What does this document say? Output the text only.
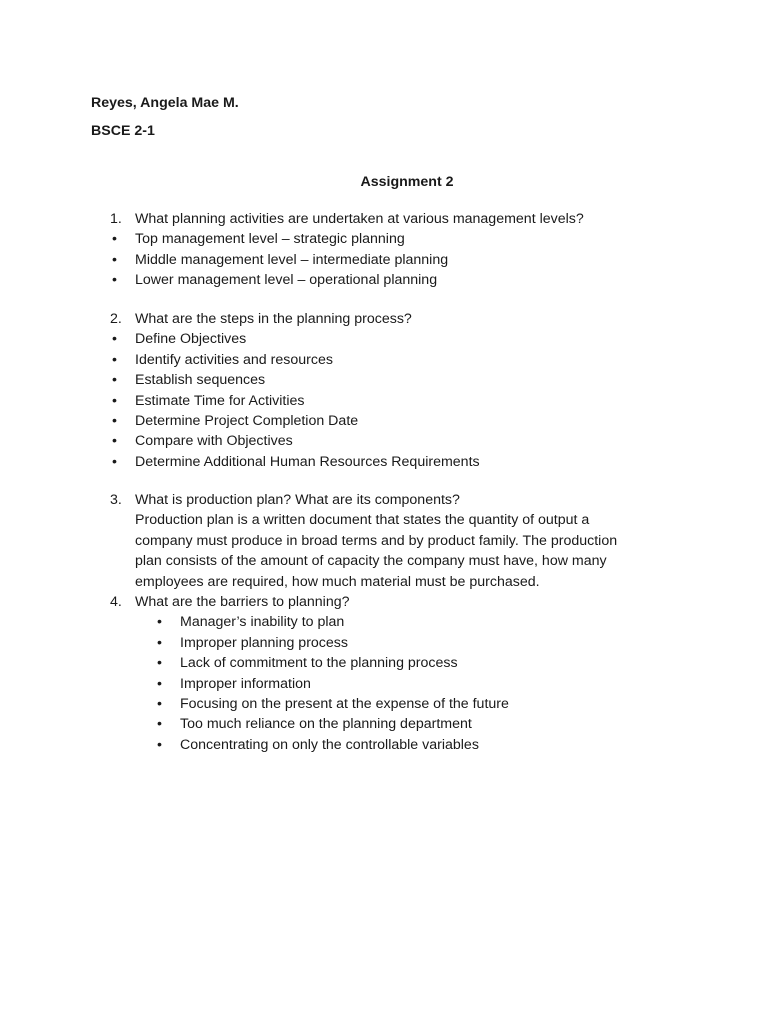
Reyes, Angela Mae M.
BSCE 2-1
Assignment 2
1. What planning activities are undertaken at various management levels?
• Top management level – strategic planning
• Middle management level – intermediate planning
• Lower management level – operational planning
2. What are the steps in the planning process?
• Define Objectives
• Identify activities and resources
• Establish sequences
• Estimate Time for Activities
• Determine Project Completion Date
• Compare with Objectives
• Determine Additional Human Resources Requirements
3. What is production plan? What are its components?
Production plan is a written document that states the quantity of output a
company must produce in broad terms and by product family. The production
plan consists of the amount of capacity the company must have, how many
employees are required, how much material must be purchased.
4. What are the barriers to planning?
• Manager’s inability to plan
• Improper planning process
• Lack of commitment to the planning process
• Improper information
• Focusing on the present at the expense of the future
• Too much reliance on the planning department
• Concentrating on only the controllable variables
